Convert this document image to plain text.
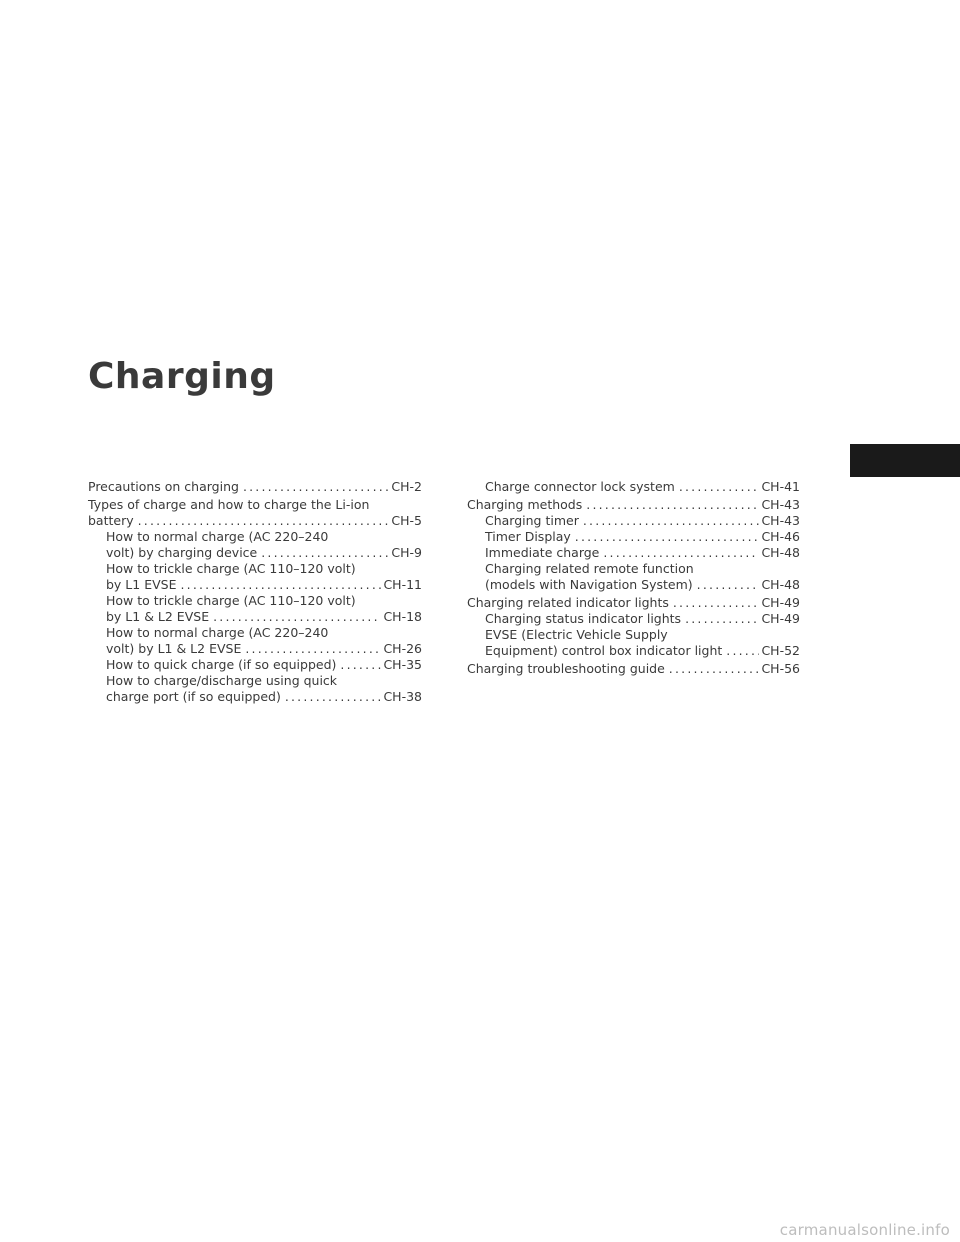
Charging
Precautions on charging .....	CH-2
Types of charge and how to charge the Li-ion
battery .....	CH-5
How to normal charge (AC 220–240
volt) by charging device .....	CH-9
How to trickle charge (AC 110–120 volt)
by L1 EVSE .....	CH-11
How to trickle charge (AC 110–120 volt)
by L1 & L2 EVSE .....	CH-18
How to normal charge (AC 220–240
volt) by L1 & L2 EVSE .....	CH-26
How to quick charge (if so equipped) .....	CH-35
How to charge/discharge using quick
charge port (if so equipped) .....	CH-38
Charge connector lock system .....	CH-41
Charging methods .....	CH-43
Charging timer .....	CH-43
Timer Display .....	CH-46
Immediate charge .....	CH-48
Charging related remote function
(models with Navigation System) .....	CH-48
Charging related indicator lights .....	CH-49
Charging status indicator lights .....	CH-49
EVSE (Electric Vehicle Supply
Equipment) control box indicator light .....	CH-52
Charging troubleshooting guide .....	CH-56
carmanualsonline.info
